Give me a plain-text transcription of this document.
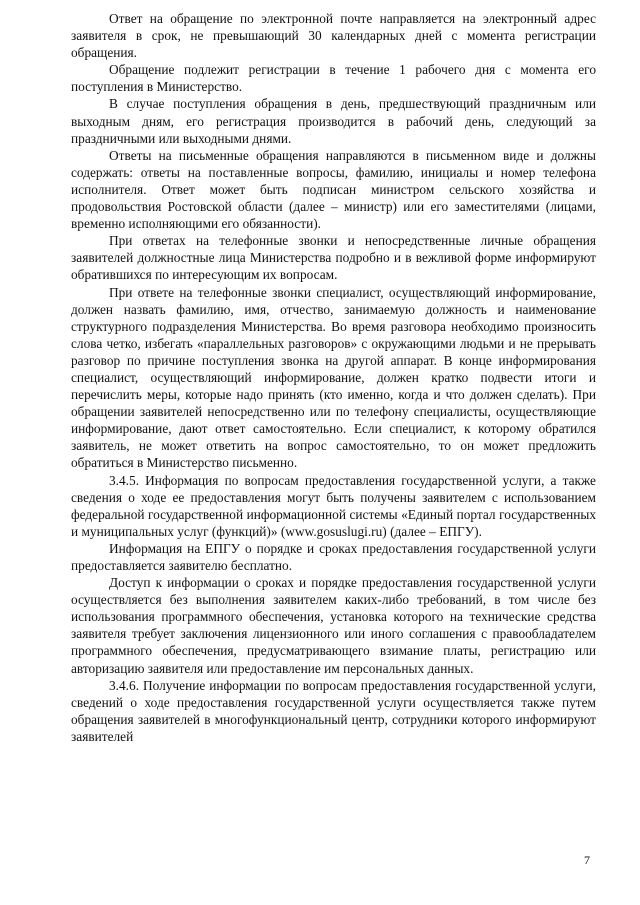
Ответ на обращение по электронной почте направляется на электронный адрес заявителя в срок, не превышающий 30 календарных дней с момента регистрации обращения.

Обращение подлежит регистрации в течение 1 рабочего дня с момента его поступления в Министерство.

В случае поступления обращения в день, предшествующий праздничным или выходным дням, его регистрация производится в рабочий день, следующий за праздничными или выходными днями.

Ответы на письменные обращения направляются в письменном виде и должны содержать: ответы на поставленные вопросы, фамилию, инициалы и номер телефона исполнителя. Ответ может быть подписан министром сельского хозяйства и продовольствия Ростовской области (далее – министр) или его заместителями (лицами, временно исполняющими его обязанности).

При ответах на телефонные звонки и непосредственные личные обращения заявителей должностные лица Министерства подробно и в вежливой форме информируют обратившихся по интересующим их вопросам.

При ответе на телефонные звонки специалист, осуществляющий информирование, должен назвать фамилию, имя, отчество, занимаемую должность и наименование структурного подразделения Министерства. Во время разговора необходимо произносить слова четко, избегать «параллельных разговоров» с окружающими людьми и не прерывать разговор по причине поступления звонка на другой аппарат. В конце информирования специалист, осуществляющий информирование, должен кратко подвести итоги и перечислить меры, которые надо принять (кто именно, когда и что должен сделать). При обращении заявителей непосредственно или по телефону специалисты, осуществляющие информирование, дают ответ самостоятельно. Если специалист, к которому обратился заявитель, не может ответить на вопрос самостоятельно, то он может предложить обратиться в Министерство письменно.

3.4.5. Информация по вопросам предоставления государственной услуги, а также сведения о ходе ее предоставления могут быть получены заявителем с использованием федеральной государственной информационной системы «Единый портал государственных и муниципальных услуг (функций)» (www.gosuslugi.ru) (далее – ЕПГУ).

Информация на ЕПГУ о порядке и сроках предоставления государственной услуги предоставляется заявителю бесплатно.

Доступ к информации о сроках и порядке предоставления государственной услуги осуществляется без выполнения заявителем каких-либо требований, в том числе без использования программного обеспечения, установка которого на технические средства заявителя требует заключения лицензионного или иного соглашения с правообладателем программного обеспечения, предусматривающего взимание платы, регистрацию или авторизацию заявителя или предоставление им персональных данных.

3.4.6. Получение информации по вопросам предоставления государственной услуги, сведений о ходе предоставления государственной услуги осуществляется также путем обращения заявителей в многофункциональный центр, сотрудники которого информируют заявителей

7
